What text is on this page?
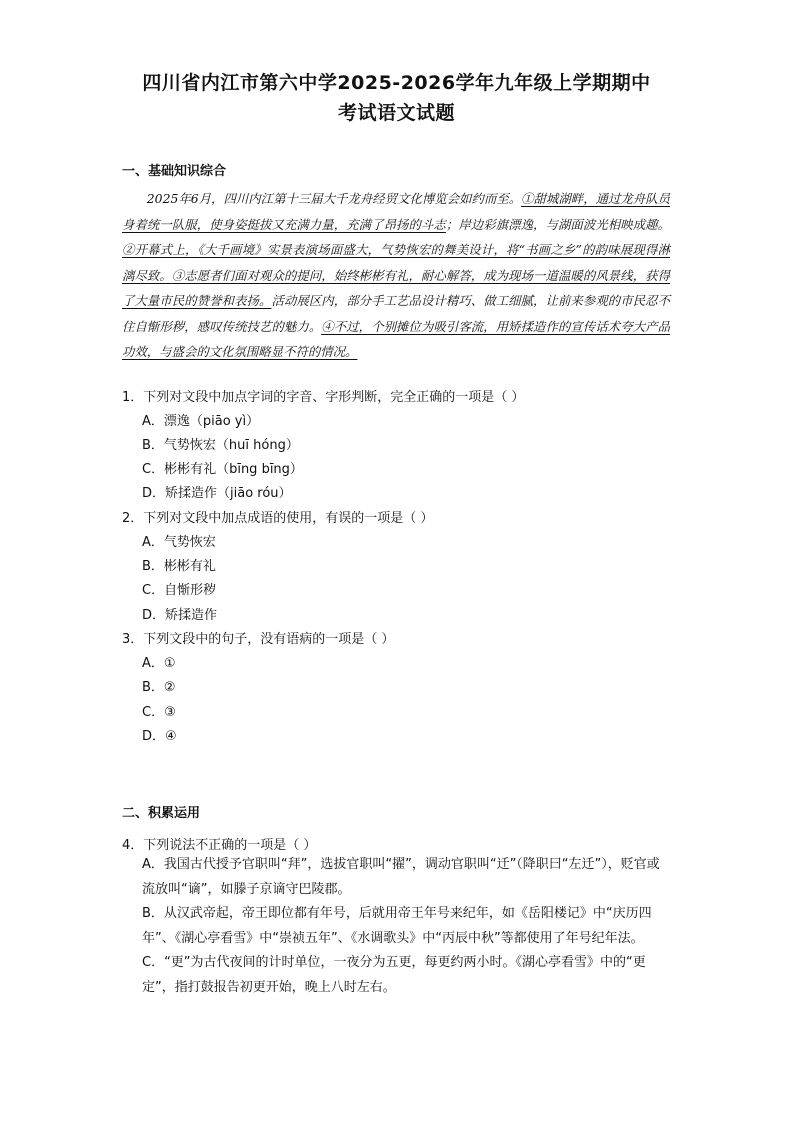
四川省内江市第六中学2025-2026学年九年级上学期期中
考试语文试题
一、基础知识综合

2025年6月，四川内江第十三届大千龙舟经贸文化博览会如约而至。①甜城湖畔，通过龙舟队员身着统一队服，使身姿挺拔又充满力量，充满了昂扬的斗志；岸边彩旗漂逸，与湖面波光相映成趣。②开幕式上，《大千画境》实景表演场面盛大，气势恢宏的舞美设计，将“书画之乡”的韵味展现得淋漓尽致。③志愿者们面对观众的提问，始终彬彬有礼，耐心解答，成为现场一道温暖的风景线，获得了大量市民的赞誉和表扬。活动展区内，部分手工艺品设计精巧、做工细腻，让前来参观的市民忍不住自惭形秽，感叹传统技艺的魅力。④不过，个别摊位为吸引客流，用矫揉造作的宣传话术夸大产品功效，与盛会的文化氛围略显不符的情况。

1．下列对文段中加点字词的字音、字形判断，完全正确的一项是（ ）
A．漂逸（piāo yì）
B．气势恢宏（huī hóng）
C．彬彬有礼（bīng bīng）
D．矫揉造作（jiāo róu）
2．下列对文段中加点成语的使用，有误的一项是（ ）
A．气势恢宏
B．彬彬有礼
C．自惭形秽
D．矫揉造作
3．下列文段中的句子，没有语病的一项是（ ）
A．①
B．②
C．③
D．④
二、积累运用
4．下列说法不正确的一项是（ ）

A．我国古代授予官职叫“拜”，选拔官职叫“擢”，调动官职叫“迁”（降职曰“左迁”），贬官或流放叫“谪”，如滕子京谪守巴陵郡。

B．从汉武帝起，帝王即位都有年号，后就用帝王年号来纪年，如《岳阳楼记》中“庆历四年”、《湖心亭看雪》中“崇祯五年”、《水调歌头》中“丙辰中秋”等都使用了年号纪年法。

C．“更”为古代夜间的计时单位，一夜分为五更，每更约两小时。《湖心亭看雪》中的“更定”，指打鼓报告初更开始，晚上八时左右。
